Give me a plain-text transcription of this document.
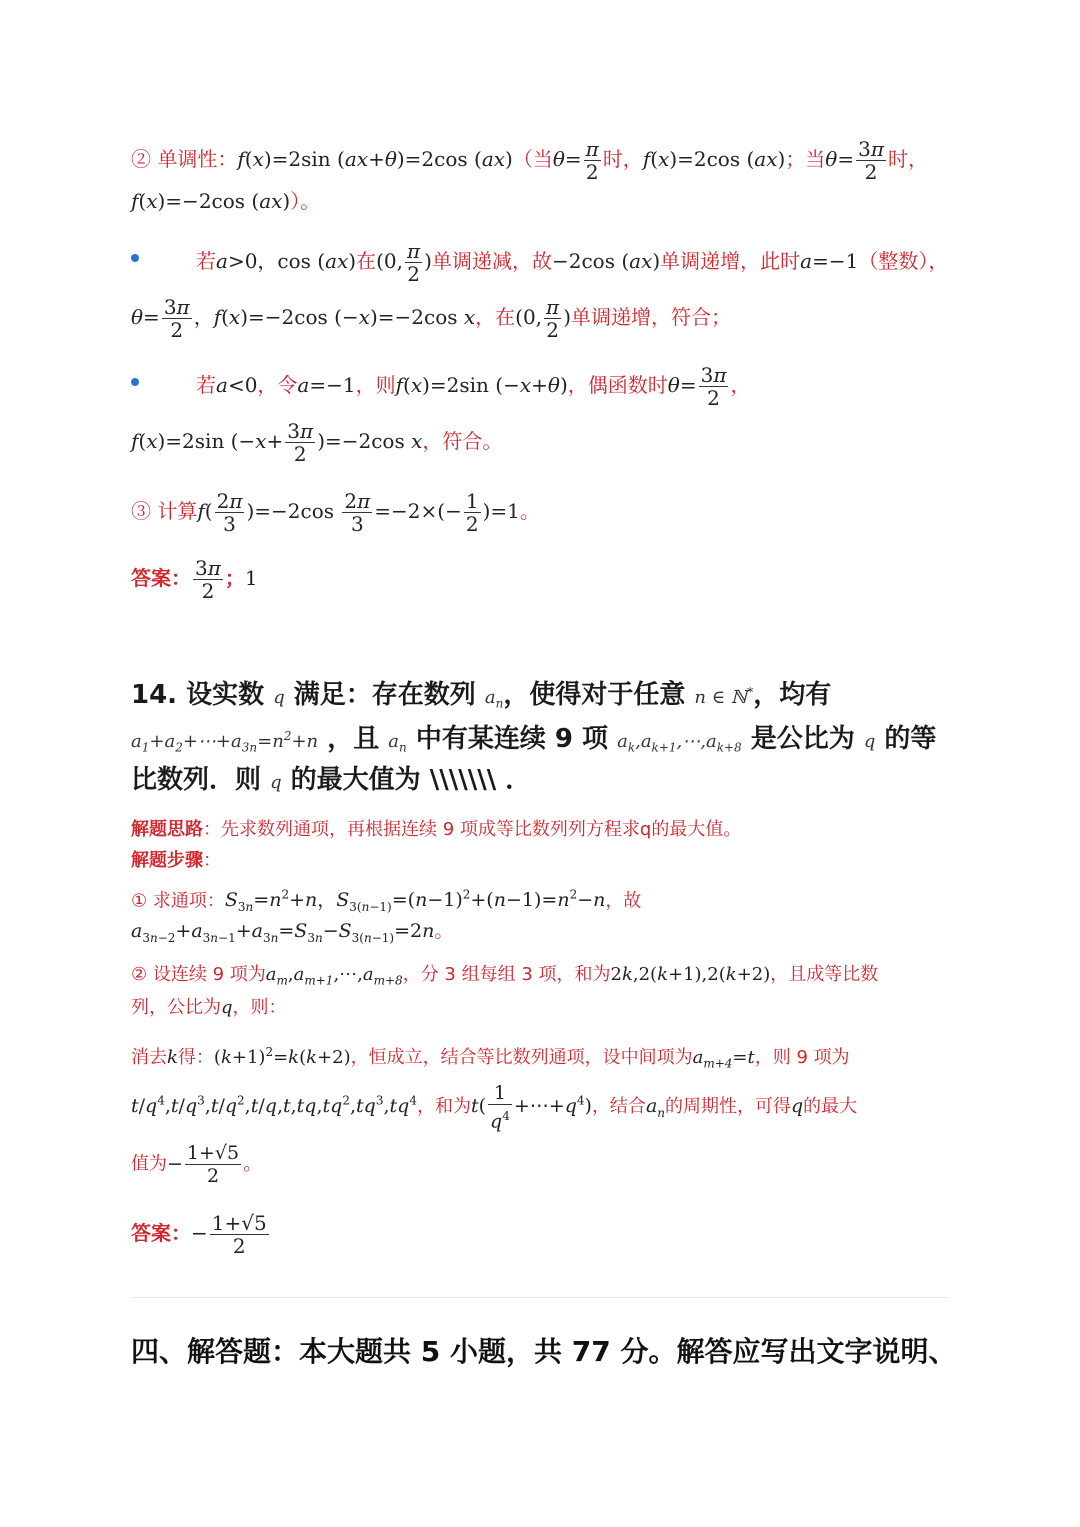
② 单调性：f(x)=2sin (ax+θ)=2cos (ax)（当$\theta= \frac{\pi}{2}$ 时，f(x)=2cos (ax)；当$\theta= \frac{3\pi}{2}$ 时，
f(x)=−2cos (ax)）。
若a>0，cos (ax)在(0, $\frac{\pi}{2}$ )单调递减，故−2cos (ax)单调递增，此时a=−1（整数），
$\theta= \frac{3\pi}{2}$ ，f(x)=−2cos (−x)=−2cos x，在(0, $\frac{\pi}{2}$ )单调递增，符合；
若a<0，令a=−1，则f(x)=2sin (−x+θ)，偶函数时$\theta= \frac{3\pi}{2}$ ，
f(x)=2sin $(-x+ \frac{3\pi}{2} )=-2\cos$ x，符合。
③ 计算$f( \frac{2\pi}{3} )=-2\cos \frac{2\pi}{3} =-2\times(- \frac{1}{2} )=1$。
答案： $\frac{3\pi}{2}$ ；1
14. 设实数 q 满足：存在数列 $a_n$，使得对于任意 n ∈ ℕ*，均有
$a_1+a_2+\cdots+a_{3n}=n^2+n$ ，且 $a_n$ 中有某连续 9 项 $a_k,a_{k+1},\cdots,a_{k+8}$ 是公比为 q 的等
比数列．则 q 的最大值为 \\\\\\\ ．
解题思路：先求数列通项，再根据连续 9 项成等比数列列方程求q的最大值。
解题步骤：
① 求通项：$S_{3n}=n^2+n$，$S_{3(n-1)}=(n-1)^2+(n-1)=n^2-n$，故
$a_{3n-2}+a_{3n-1}+a_{3n}=S_{3n}-S_{3(n-1)}=2n$。
② 设连续 9 项为$a_m,a_{m+1},\cdots,a_{m+8}$，分 3 组每组 3 项，和为2k,2(k+1),2(k+2)，且成等比数
列，公比为q，则：
消去k得：$(k+1)^2=k(k+2)$，恒成立，结合等比数列通项，设中间项为$a_{m+4}=t$，则 9 项为
$t/q^4,t/q^3,t/q^2,t/q,t,tq,tq^2,tq^3,tq^4$，和为$t( \frac{1}{q^4}$ $+\cdots+q^4$)，结合$a_n$的周期性，可得q的最大
值为− $\frac{1+√5}{2}$ 。
答案：− $\frac{1+√5}{2}$
四、解答题：本大题共 5 小题，共 77 分。解答应写出文字说明、
